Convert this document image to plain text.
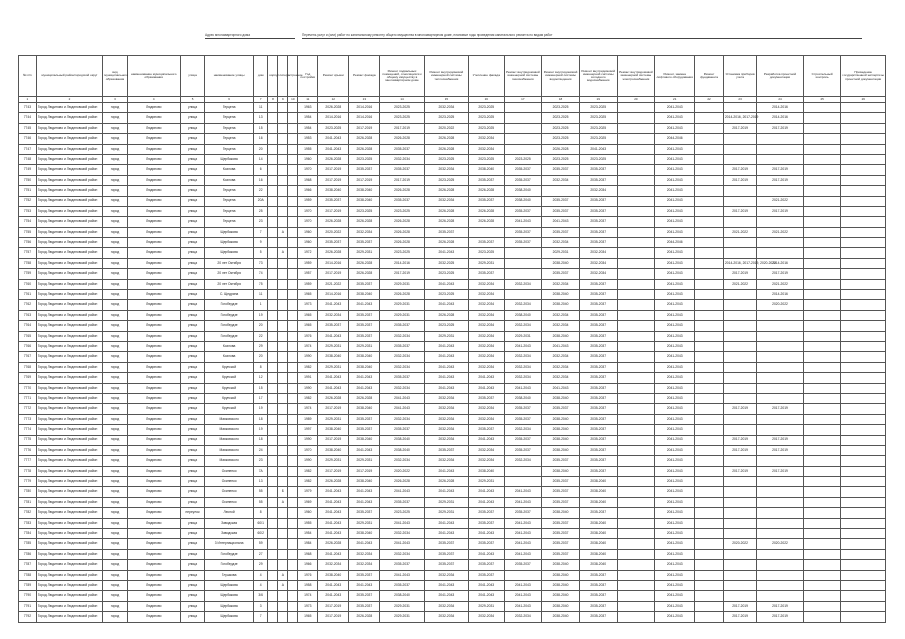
Адрес многоквартирного дома	Перечень услуг и (или) работ по капитальному ремонту общего имущества в многоквартирном доме, плановые годы проведения капитального ремонта по видам работ
№ п/п	муниципальный район/городской округ	вид муниципального образования	наименование муниципального образования	улица	наименование улицы	дом	корпус	литера	строение	Год постройки	Ремонт крыши	Ремонт фасада	Ремонт подвальных помещений, относящихся к общему имуществу в многоквартирном доме	Ремонт внутридомовой инженерной системы теплоснабжения	Утепление фасада	Ремонт внутридомовой инженерной системы газоснабжения	Ремонт внутридомовой инженерной системы водоотведения	Ремонт внутридомовой инженерной системы холодного водоснабжения	Ремонт внутридомовой инженерной системы электроснабжения	Ремонт, замена лифтового оборудования	Ремонт фундамента	Установка приборов учета	Разработка проектной документации	Строительный контроль	Проведение государственной экспертизы проектной документации
1	2	3	4	5	6	7	8	9	10	11	12	13	14	15	16	17	18	19	20	21	22	23	24	25	26
7743	Город Людиново и Людиновский район	город	Людиново	улица	Герцена	11				1963	2026-2028	2014-2016	2023-2025	2032-2034	2023-2025		2023-2025	2023-2025		2041-2043			2014-2016		
7744	Город Людиново и Людиновский район	город	Людиново	улица	Герцена	13				1954	2014-2016	2014-2016	2023-2025	2023-2025	2023-2025		2023-2025	2023-2025		2041-2043		2014-2016, 2017-2019	2014-2016		
7745	Город Людиново и Людиновский район	город	Людиново	улица	Герцена	15				1954	2023-2025	2017-2019	2017-2019	2020-2022	2023-2025		2023-2025	2023-2025		2041-2043		2017-2019	2017-2019		
7746	Город Людиново и Людиновский район	город	Людиново	улица	Герцена	16				1953	2041-2043	2026-2028	2026-2028	2026-2028	2032-2034		2023-2025	2023-2025		2044-2046					
7747	Город Людиново и Людиновский район	город	Людиново	улица	Герцена	20				1955	2041-2043	2026-2028	2035-2037	2026-2028	2032-2034		2026-2028	2041-2043		2041-2043					
7748	Город Людиново и Людиновский район	город	Людиново	улица	Щербакова	14				1960	2026-2028	2023-2025	2032-2034	2023-2025	2023-2025	2023-2025	2023-2025	2023-2025		2041-2043					
7749	Город Людиново и Людиновский район	город	Людиново	улица	Козлова	6				1970	2017-2019	2035-2037	2035-2037	2032-2034	2038-2040	2035-2037	2035-2037	2035-2037		2041-2043		2017-2019	2017-2019		
7750	Город Людиново и Людиновский район	город	Людиново	улица	Козлова	16				1968	2017-2019	2017-2019	2017-2019	2023-2025	2035-2037	2035-2037	2032-2034	2035-2037		2041-2043		2017-2019	2017-2019		
7751	Город Людиново и Людиновский район	город	Людиново	улица	Герцена	22				1966	2038-2040	2038-2040	2026-2028	2026-2028	2026-2028	2038-2040		2032-2034		2041-2043					
7752	Город Людиново и Людиновский район	город	Людиново	улица	Герцена	20А				1959	2035-2037	2038-2040	2035-2037	2032-2034	2035-2037	2038-2040	2035-2037	2035-2037		2041-2043			2021-2022		
7753	Город Людиново и Людиновский район	город	Людиново	улица	Герцена	25				1970	2017-2019	2023-2025	2023-2025	2026-2028	2026-2028	2035-2037	2035-2037	2035-2037		2041-2043		2017-2019	2017-2019		
7754	Город Людиново и Людиновский район	город	Людиново	улица	Герцена	23				1970	2026-2028	2026-2028	2026-2028	2026-2028	2026-2028	2041-2043	2041-2043	2035-2037		2041-2043					
7755	Город Людиново и Людиновский район	город	Людиново	улица	Щербакова	7		А		1960	2020-2022	2032-2034	2026-2028	2035-2037		2035-2037	2035-2037	2035-2037		2041-2043		2021-2022	2021-2022		
7756	Город Людиново и Людиновский район	город	Людиново	улица	Щербакова	9				1960	2035-2037	2035-2037	2026-2028	2026-2028	2035-2037	2035-2037	2032-2034	2035-2037		2044-2046					
7757	Город Людиново и Людиновский район	город	Людиново	улица	Щербакова	5		А		1972	2026-2028	2029-2031	2023-2025	2041-2043	2023-2025		2029-2031	2032-2034		2041-2043					
7758	Город Людиново и Людиновский район	город	Людиново	улица	20 лет Октября	73				1959	2014-2016	2026-2028	2014-2016	2032-2025	2029-2031		2038-2040	2032-2034		2041-2043		2014-2016, 2017-2019, 2020-2022	2014-2016		
7759	Город Людиново и Людиновский район	город	Людиново	улица	20 лет Октября	74				1957	2017-2019	2026-2028	2017-2019	2023-2025	2035-2037		2035-2037	2032-2034		2041-2043		2017-2019	2017-2019		
7760	Город Людиново и Людиновский район	город	Людиново	улица	20 лет Октября	75				1959	2021-2022	2035-2037	2029-2031	2041-2043	2032-2034	2032-2034	2032-2034	2035-2037		2041-2043		2021-2022	2021-2022		
7761	Город Людиново и Людиновский район	город	Людиново	улица	С. Щедрина	11				1965	2014-2016	2038-2040	2026-2028	2023-2025	2032-2034		2038-2040	2035-2037		2041-2043			2014-2016		
7762	Город Людиново и Людиновский район	город	Людиново	улица	Гогобердзе	1				1973	2041-2043	2041-2043	2029-2031	2041-2043	2032-2034	2032-2034	2038-2040	2035-2037		2041-2043			2020-2022		
7763	Город Людиново и Людиновский район	город	Людиново	улица	Гогобердзе	19				1965	2032-2034	2035-2037	2029-2031	2026-2028	2032-2034	2038-2040	2032-2034	2035-2037		2041-2043					
7764	Город Людиново и Людиновский район	город	Людиново	улица	Гогобердзе	20				1965	2035-2037	2035-2037	2035-2037	2023-2025	2032-2034	2032-2034	2032-2034	2035-2037		2041-2043					
7765	Город Людиново и Людиновский район	город	Людиново	улица	Гогобердзе	22				1976	2041-2043	2035-2037	2032-2034	2029-2031	2032-2034	2029-2031	2038-2040	2035-2037		2041-2043					
7766	Город Людиново и Людиновский район	город	Людиново	улица	Козлова	29				1974	2029-2031	2029-2031	2035-2037	2041-2043	2032-2034	2041-2043	2041-2043	2035-2037		2041-2043					
7767	Город Людиново и Людиновский район	город	Людиново	улица	Козлова	20				1990	2038-2040	2038-2040	2032-2034	2041-2043	2032-2034	2032-2034	2032-2034	2035-2037		2041-2043					
7768	Город Людиново и Людиновский район	город	Людиново	улица	Крупской	8				1982	2029-2031	2038-2040	2032-2034	2041-2043	2032-2034	2032-2034	2032-2034	2035-2037		2041-2043					
7769	Город Людиново и Людиновский район	город	Людиново	улица	Крупской	12				1991	2041-2043	2041-2043	2035-2037	2041-2043	2041-2043	2032-2034	2032-2034	2035-2037		2041-2043					
7770	Город Людиново и Людиновский район	город	Людиново	улица	Крупской	15				1990	2041-2043	2041-2043	2032-2034	2041-2043	2041-2043	2041-2043	2041-2043	2035-2037		2041-2043					
7771	Город Людиново и Людиновский район	город	Людиново	улица	Крупской	17				1982	2026-2028	2026-2028	2041-2043	2032-2034	2035-2037	2038-2040	2038-2040	2035-2037		2041-2043					
7772	Город Людиново и Людиновский район	город	Людиново	улица	Крупской	19				1974	2017-2019	2038-2040	2041-2043	2032-2034	2032-2034	2035-2037	2035-2037	2035-2037		2041-2043		2017-2019	2017-2019		
7773	Город Людиново и Людиновский район	город	Людиново	улица	Маяковского	18				1989	2029-2031	2035-2037	2032-2034	2032-2034	2032-2034	2035-2037	2038-2040	2035-2037		2041-2043					
7774	Город Людиново и Людиновский район	город	Людиново	улица	Маяковского	19				1997	2038-2040	2035-2037	2035-2037	2032-2034	2035-2037	2032-2034	2038-2040	2035-2037		2041-2043					
7775	Город Людиново и Людиновский район	город	Людиново	улица	Маяковского	18				1990	2017-2019	2038-2040	2038-2040	2032-2034	2041-2043	2035-2037	2038-2040	2035-2037		2041-2043		2017-2019	2017-2019		
7776	Город Людиново и Людиновский район	город	Людиново	улица	Маяковского	24				1970	2038-2040	2041-2043	2038-2040	2035-2037	2032-2034	2035-2037	2038-2040	2035-2037		2041-2043		2017-2019	2017-2019		
7777	Город Людиново и Людиновский район	город	Людиново	улица	Маяковского	23				1990	2029-2031	2029-2031	2032-2034	2032-2034	2032-2034	2032-2034	2035-2037	2035-2037		2041-2043					
7778	Город Людиново и Людиновский район	город	Людиново	улица	Осипенко	7А				1982	2017-2019	2017-2019	2020-2022	2041-2043	2038-2040		2038-2040	2035-2037		2041-2043		2017-2019	2017-2019		
7779	Город Людиново и Людиновский район	город	Людиново	улица	Осипенко	13				1982	2026-2028	2038-2040	2026-2028	2026-2028	2029-2031		2035-2037	2038-2040		2041-2043					
7780	Город Людиново и Людиновский район	город	Людиново	улица	Осипенко	55		Б		1979	2041-2043	2041-2043	2041-2043	2041-2043	2041-2043	2041-2043	2035-2037	2038-2040		2041-2043					
7781	Город Людиново и Людиновский район	город	Людиново	улица	Осипенко	55		А		1969	2041-2043	2041-2043	2035-2037	2029-2031	2041-2043	2041-2043	2035-2037	2038-2040		2041-2043					
7782	Город Людиново и Людиновский район	город	Людиново	переулок	Лесной	8				1960	2041-2043	2035-2037	2023-2025	2029-2031	2035-2037	2035-2037	2038-2040	2035-2037		2041-2043					
7783	Город Людиново и Людиновский район	город	Людиново	улица	Заводская	60/1				1955	2041-2043	2029-2031	2041-2043	2041-2043	2035-2037	2041-2043	2035-2037	2038-2040		2041-2043					
7784	Город Людиново и Людиновский район	город	Людиново	улица	Заводская	60/2				1954	2041-2043	2038-2040	2032-2034	2041-2043	2041-2043	2041-2043	2035-2037	2038-2040		2041-2043					
7785	Город Людиново и Людиновский район	город	Людиново	улица	3 Интернационала	59				1984	2026-2028	2041-2043	2041-2043	2035-2037	2035-2037	2041-2043	2035-2037	2038-2040		2041-2043		2020-2022	2020-2022		
7786	Город Людиново и Людиновский район	город	Людиново	улица	Гогобердзе	27				1968	2041-2043	2032-2034	2032-2034	2035-2037	2041-2043	2041-2043	2035-2037	2038-2040		2041-2043					
7787	Город Людиново и Людиновский район	город	Людиново	улица	Гогобердзе	29				1966	2032-2034	2032-2034	2035-2037	2035-2037	2035-2037	2035-2037	2038-2040	2038-2040		2041-2043					
7788	Город Людиново и Людиновский район	город	Людиново	улица	Глушкова	4		А		1976	2038-2040	2035-2037	2041-2043	2032-2034	2035-2037		2038-2040	2035-2037		2041-2043					
7789	Город Людиново и Людиновский район	город	Людиново	улица	Щербакова	4		А		1958	2041-2043	2041-2043	2035-2037	2041-2043	2041-2043	2041-2043	2038-2040	2035-2037		2041-2043					
7790	Город Людиново и Людиновский район	город	Людиново	улица	Щербакова	3/6				1974	2041-2043	2035-2037	2038-2040	2041-2043	2041-2043	2041-2043	2038-2040	2035-2037		2041-2043					
7791	Город Людиново и Людиновский район	город	Людиново	улица	Щербакова	3				1973	2017-2019	2035-2037	2029-2031	2032-2034	2029-2031	2041-2043	2038-2040	2035-2037		2041-2043		2017-2019	2017-2019		
7792	Город Людиново и Людиновский район	город	Людиново	улица	Щербакова	7				1965	2017-2019	2026-2028	2029-2031	2032-2034	2032-2034	2032-2034	2038-2040	2035-2037		2041-2043		2017-2019	2017-2019		
